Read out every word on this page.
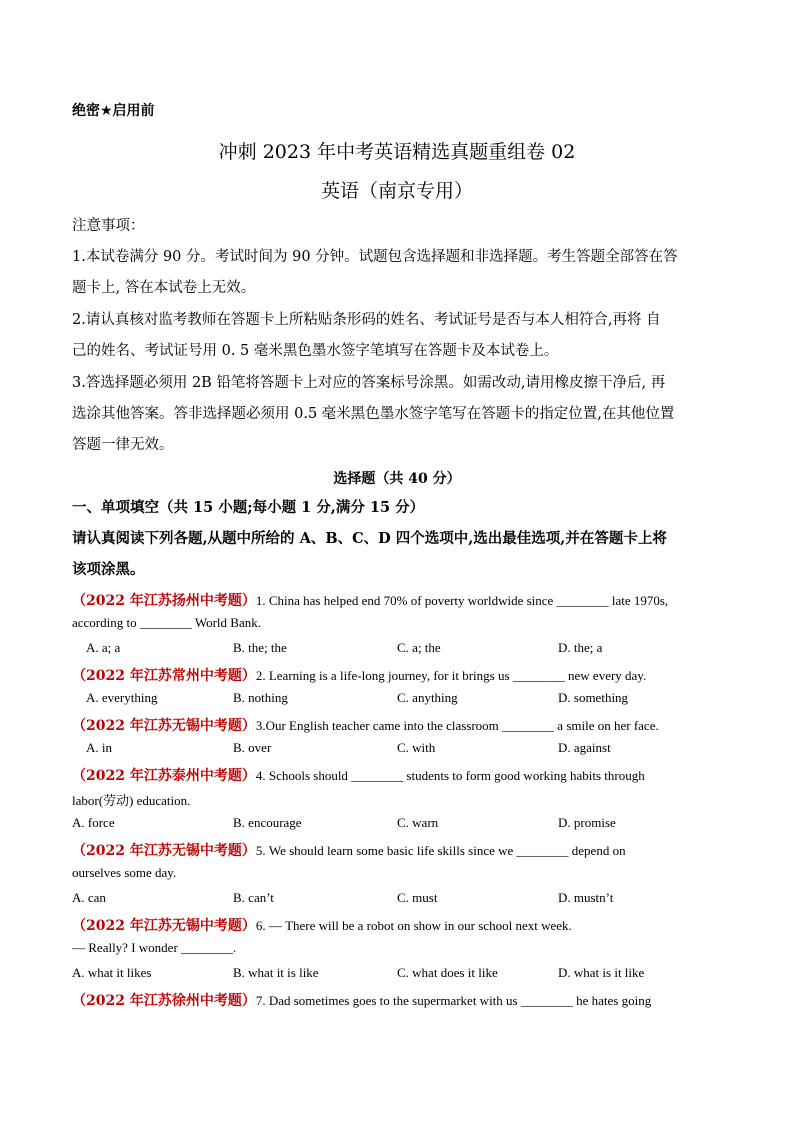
绝密★启用前
冲刺 2023 年中考英语精选真题重组卷 02
英语（南京专用）
注意事项：
1.本试卷满分 90 分。考试时间为 90 分钟。试题包含选择题和非选择题。考生答题全部答在答
题卡上, 答在本试卷上无效。
2.请认真核对监考教师在答题卡上所粘贴条形码的姓名、考试证号是否与本人相符合,再将 自
己的姓名、考试证号用 0. 5 毫米黑色墨水签字笔填写在答题卡及本试卷上。
3.答选择题必须用 2B 铅笔将答题卡上对应的答案标号涂黑。如需改动,请用橡皮擦干净后, 再
选涂其他答案。答非选择题必须用 0.5 毫米黑色墨水签字笔写在答题卡的指定位置,在其他位置
答题一律无效。
选择题（共 40 分）
一、单项填空（共 15 小题;每小题 1 分,满分 15 分）
请认真阅读下列各题,从题中所给的 A、B、C、D 四个选项中,选出最佳选项,并在答题卡上将
该项涂黑。
（2022 年江苏扬州中考题）1. China has helped end 70% of poverty worldwide since ________ late 1970s,
according to ________ World Bank.
A. a; a	B. the; the	C. a; the	D. the; a
（2022 年江苏常州中考题）2. Learning is a life-long journey, for it brings us ________ new every day.
A. everything	B. nothing	C. anything	D. something
（2022 年江苏无锡中考题）3.Our English teacher came into the classroom ________ a smile on her face.
A. in	B. over	C. with	D. against
（2022 年江苏泰州中考题）4. Schools should ________ students to form good working habits through
labor(劳动) education.
A. force	B. encourage	C. warn	D. promise
（2022 年江苏无锡中考题）5. We should learn some basic life skills since we ________ depend on
ourselves some day.
A. can	B. can’t	C. must	D. mustn’t
（2022 年江苏无锡中考题）6. — There will be a robot on show in our school next week.
— Really? I wonder ________.
A. what it likes	B. what it is like	C. what does it like	D. what is it like
（2022 年江苏徐州中考题）7. Dad sometimes goes to the supermarket with us ________ he hates going
